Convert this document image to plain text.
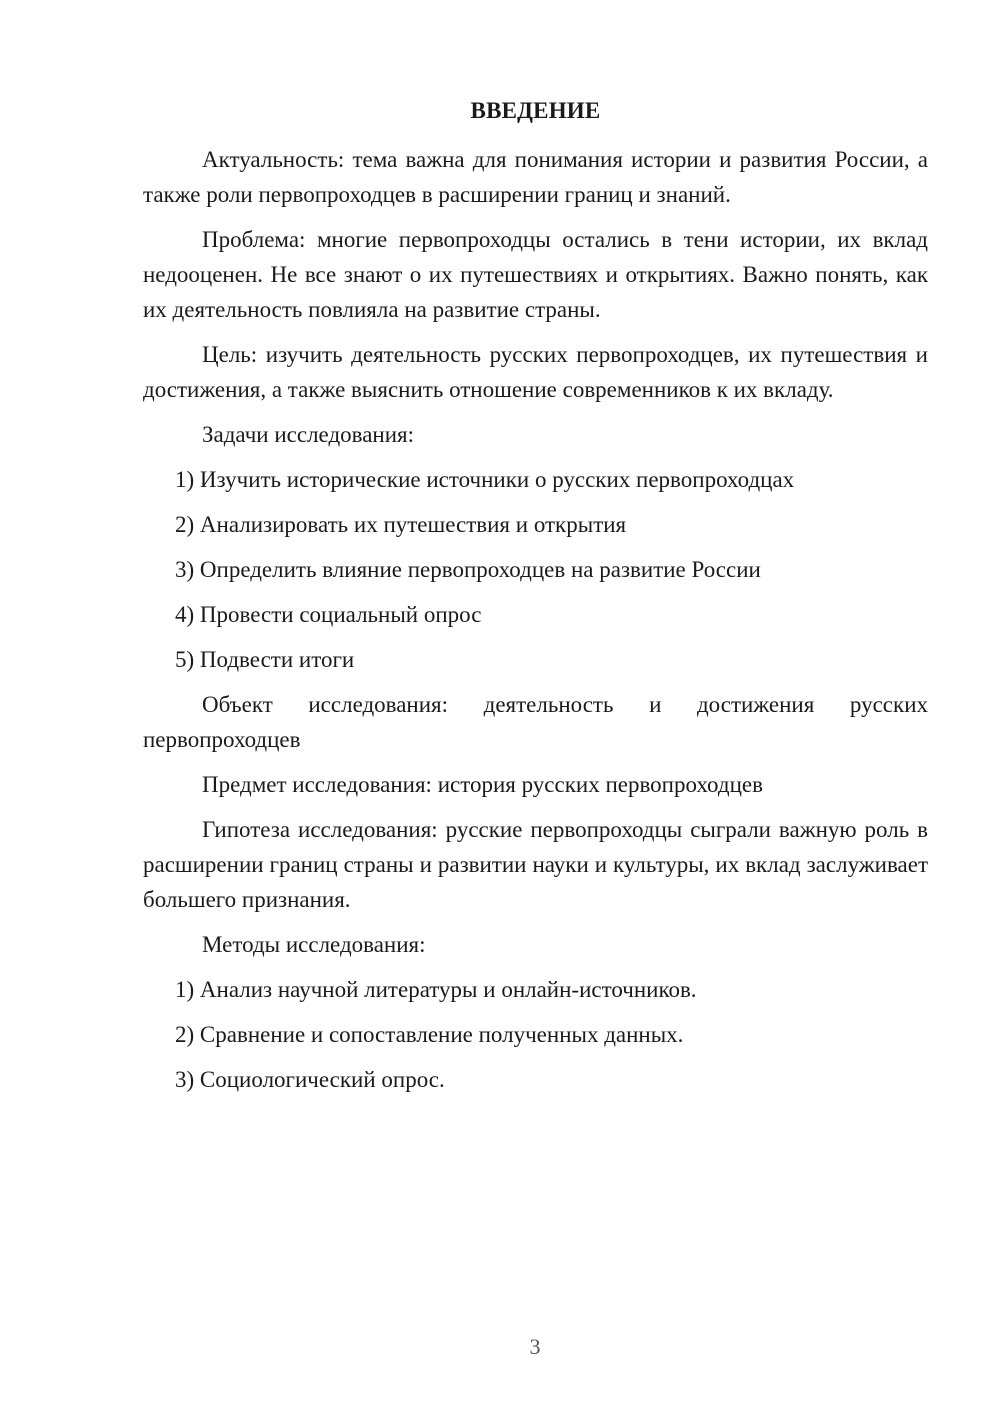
ВВЕДЕНИЕ

Актуальность: тема важна для понимания истории и развития России, а также роли первопроходцев в расширении границ и знаний.

Проблема: многие первопроходцы остались в тени истории, их вклад недооценен. Не все знают о их путешествиях и открытиях. Важно понять, как их деятельность повлияла на развитие страны.

Цель: изучить деятельность русских первопроходцев, их путешествия и достижения, а также выяснить отношение современников к их вкладу.

Задачи исследования:

1) Изучить исторические источники о русских первопроходцах

2) Анализировать их путешествия и открытия

3) Определить влияние первопроходцев на развитие России

4) Провести социальный опрос

5) Подвести итоги

Объект исследования: деятельность и достижения русских первопроходцев

Предмет исследования: история русских первопроходцев

Гипотеза исследования: русские первопроходцы сыграли важную роль в расширении границ страны и развитии науки и культуры, их вклад заслуживает большего признания.

Методы исследования:

1) Анализ научной литературы и онлайн-источников.

2) Сравнение и сопоставление полученных данных.

3) Социологический опрос.

3
